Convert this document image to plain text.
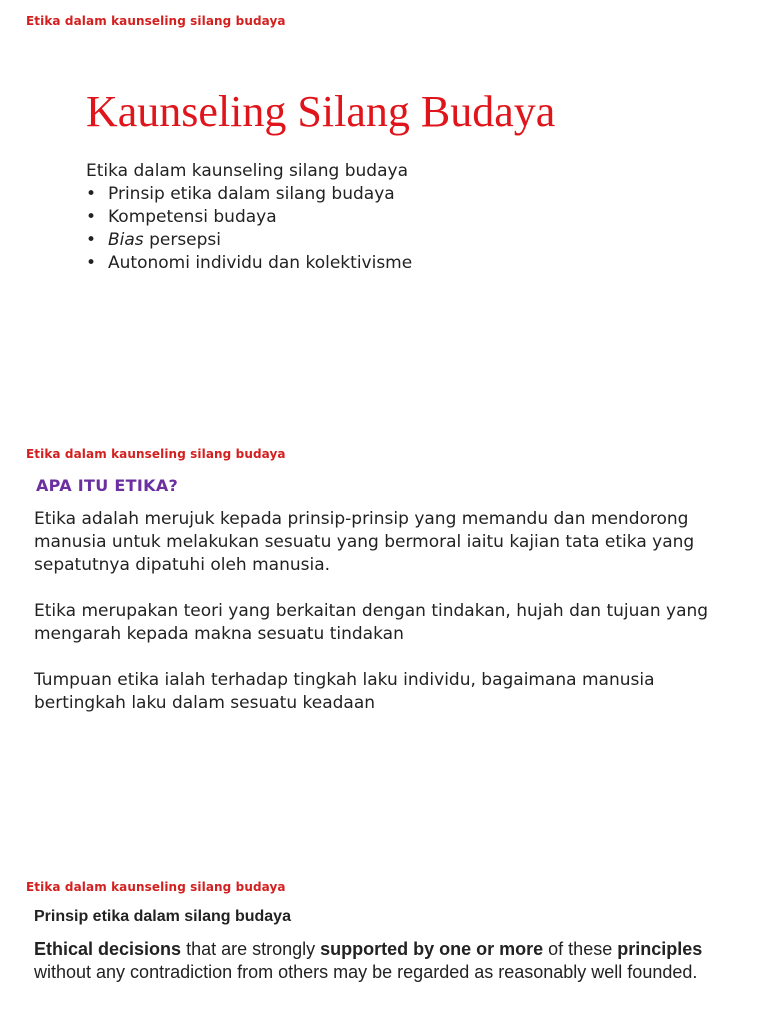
Etika dalam kaunseling silang budaya
Kaunseling Silang Budaya
Etika dalam kaunseling silang budaya
• Prinsip etika dalam silang budaya
• Kompetensi budaya
• Bias persepsi
• Autonomi individu dan kolektivisme
Etika dalam kaunseling silang budaya
APA ITU ETIKA?

Etika adalah merujuk kepada prinsip-prinsip yang memandu dan mendorong manusia untuk melakukan sesuatu yang bermoral iaitu kajian tata etika yang sepatutnya dipatuhi oleh manusia.

Etika merupakan teori yang berkaitan dengan tindakan, hujah dan tujuan yang mengarah kepada makna sesuatu tindakan

Tumpuan etika ialah terhadap tingkah laku individu, bagaimana manusia bertingkah laku dalam sesuatu keadaan

Etika dalam kaunseling silang budaya
Prinsip etika dalam silang budaya
Ethical decisions that are strongly supported by one or more of these principles without any contradiction from others may be regarded as reasonably well founded.
